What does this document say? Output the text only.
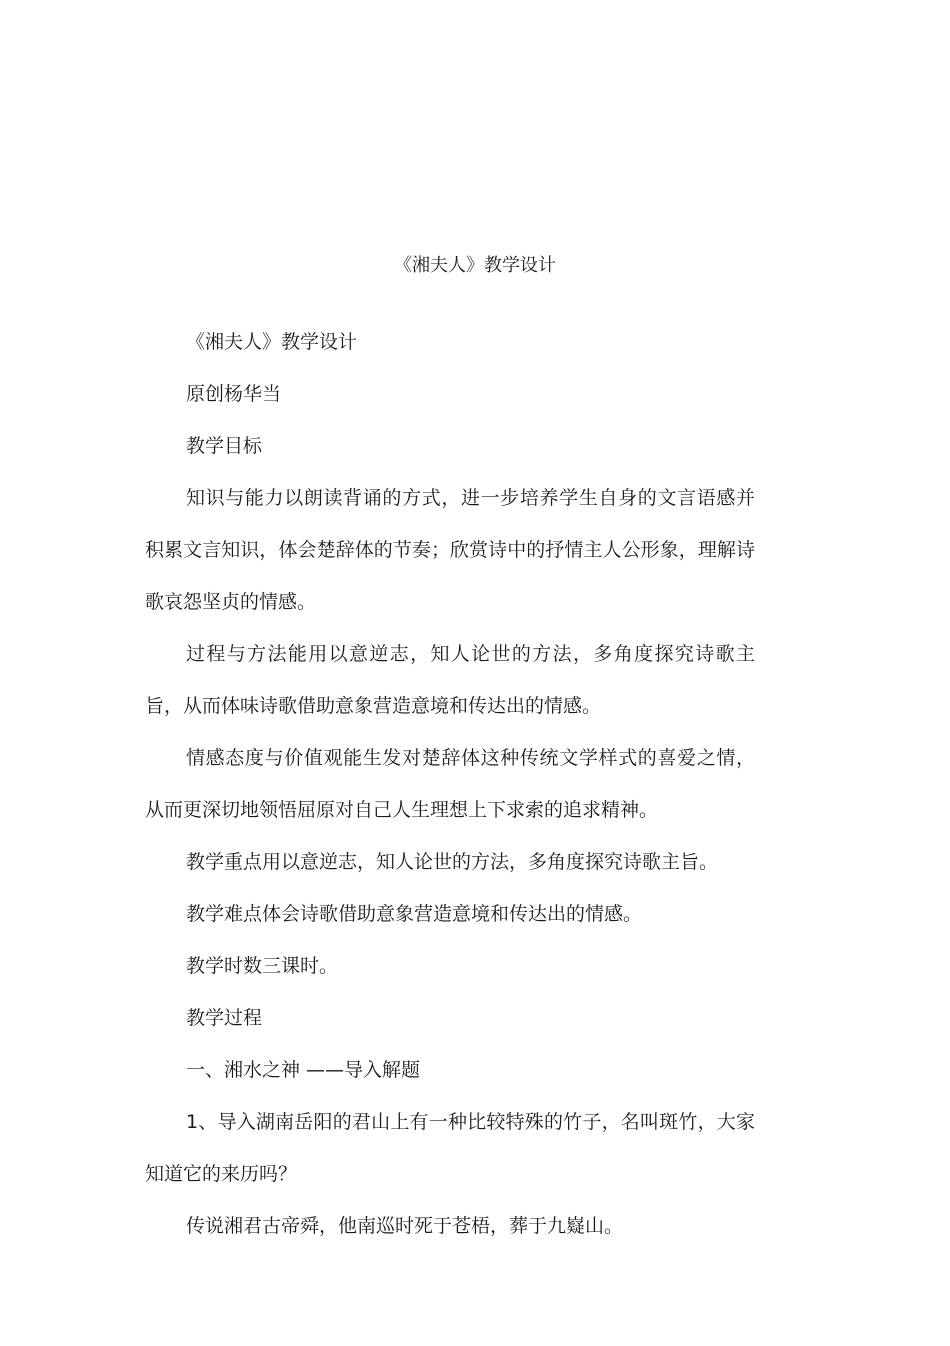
《湘夫人》教学设计

《湘夫人》教学设计

原创杨华当

教学目标

知识与能力以朗读背诵的方式，进一步培养学生自身的文言语感并积累文言知识，体会楚辞体的节奏；欣赏诗中的抒情主人公形象，理解诗歌哀怨坚贞的情感。

过程与方法能用以意逆志，知人论世的方法，多角度探究诗歌主旨，从而体味诗歌借助意象营造意境和传达出的情感。

情感态度与价值观能生发对楚辞体这种传统文学样式的喜爱之情，从而更深切地领悟屈原对自己人生理想上下求索的追求精神。

教学重点用以意逆志，知人论世的方法，多角度探究诗歌主旨。

教学难点体会诗歌借助意象营造意境和传达出的情感。

教学时数三课时。

教学过程

一、湘水之神 ——导入解题

1、导入湖南岳阳的君山上有一种比较特殊的竹子，名叫斑竹，大家知道它的来历吗？

传说湘君古帝舜，他南巡时死于苍梧，葬于九嶷山。
